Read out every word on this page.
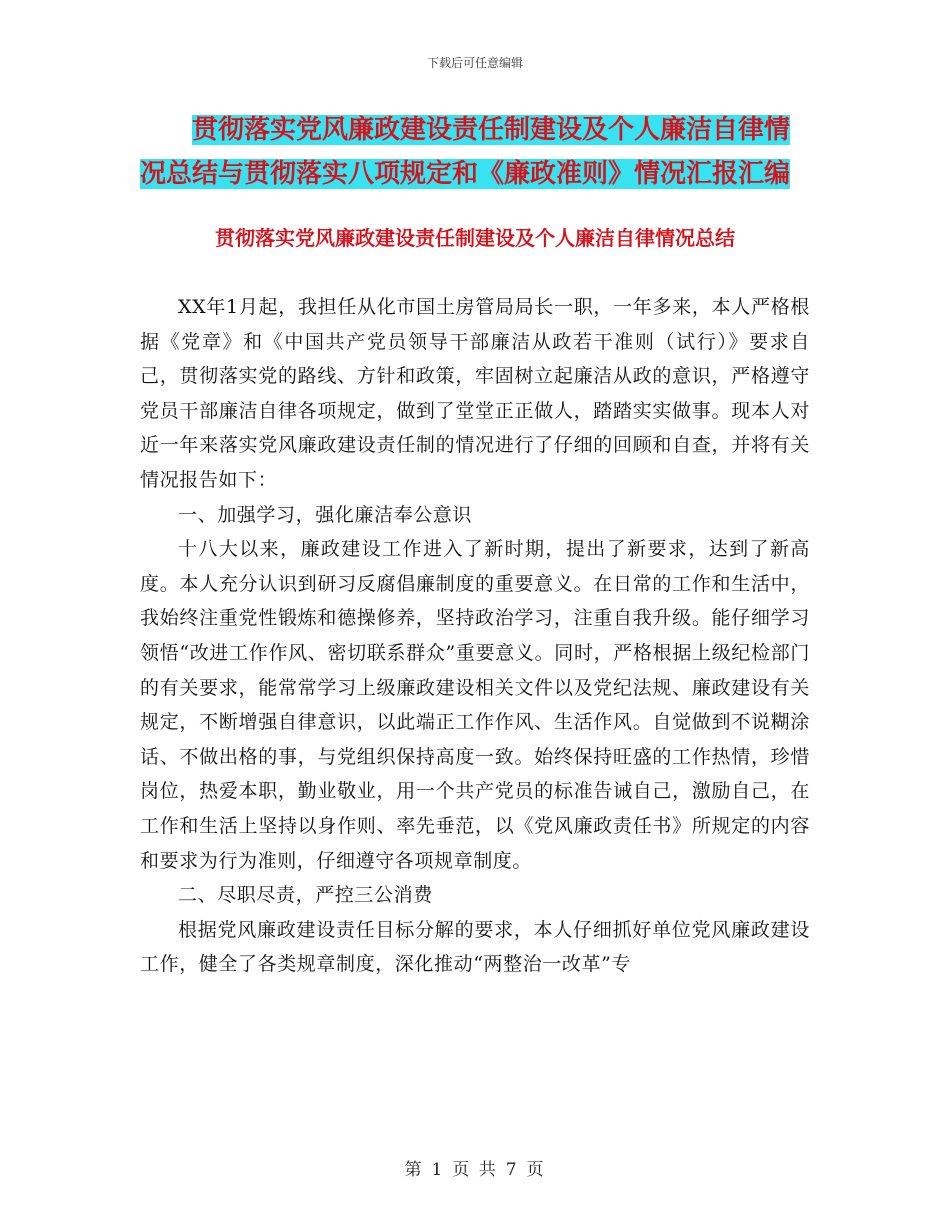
下载后可任意编辑
贯彻落实党风廉政建设责任制建设及个人廉洁自律情
况总结与贯彻落实八项规定和《廉政准则》情况汇报汇编
贯彻落实党风廉政建设责任制建设及个人廉洁自律情况总结

XX年1月起，我担任从化市国土房管局局长一职，一年多来，本人严格根据《党章》和《中国共产党员领导干部廉洁从政若干准则（试行）》要求自己，贯彻落实党的路线、方针和政策，牢固树立起廉洁从政的意识，严格遵守党员干部廉洁自律各项规定，做到了堂堂正正做人，踏踏实实做事。现本人对近一年来落实党风廉政建设责任制的情况进行了仔细的回顾和自查，并将有关情况报告如下：

一、加强学习，强化廉洁奉公意识

十八大以来，廉政建设工作进入了新时期，提出了新要求，达到了新高度。本人充分认识到研习反腐倡廉制度的重要意义。在日常的工作和生活中，我始终注重党性锻炼和德操修养，坚持政治学习，注重自我升级。能仔细学习领悟“改进工作作风、密切联系群众”重要意义。同时，严格根据上级纪检部门的有关要求，能常常学习上级廉政建设相关文件以及党纪法规、廉政建设有关规定，不断增强自律意识，以此端正工作作风、生活作风。自觉做到不说糊涂话、不做出格的事，与党组织保持高度一致。始终保持旺盛的工作热情，珍惜岗位，热爱本职，勤业敬业，用一个共产党员的标准告诫自己，激励自己，在工作和生活上坚持以身作则、率先垂范，以《党风廉政责任书》所规定的内容和要求为行为准则，仔细遵守各项规章制度。

二、尽职尽责，严控三公消费

根据党风廉政建设责任目标分解的要求，本人仔细抓好单位党风廉政建设工作，健全了各类规章制度，深化推动“两整治一改革”专

第 1 页 共 7 页
